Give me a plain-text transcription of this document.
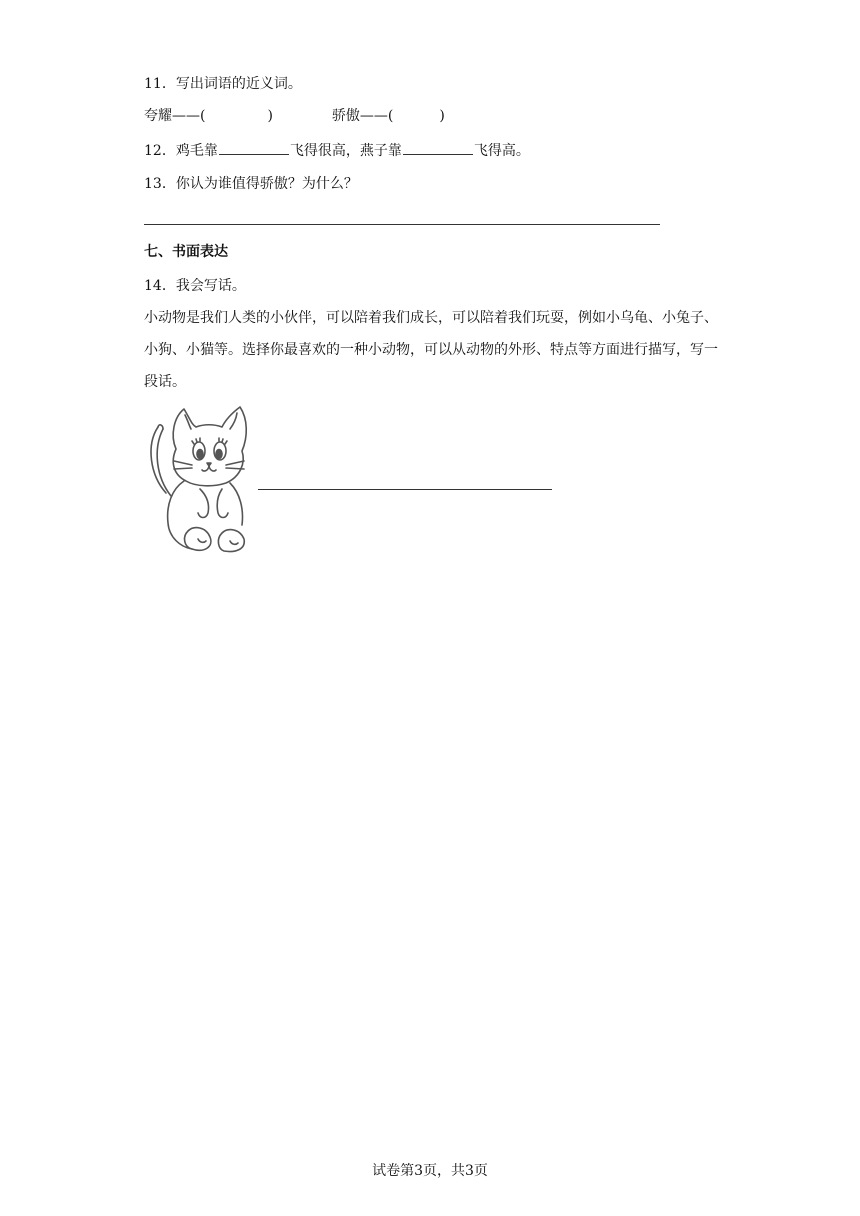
11．写出词语的近义词。
夸耀——(	)	骄傲——(	)
12．鸡毛靠	飞得很高，燕子靠	飞得高。
13．你认为谁值得骄傲？为什么？
七、书面表达
14．我会写话。
小动物是我们人类的小伙伴，可以陪着我们成长，可以陪着我们玩耍，例如小乌龟、小兔子、小狗、小猫等。选择你最喜欢的一种小动物，可以从动物的外形、特点等方面进行描写，写一段话。
试卷第3页，共3页
